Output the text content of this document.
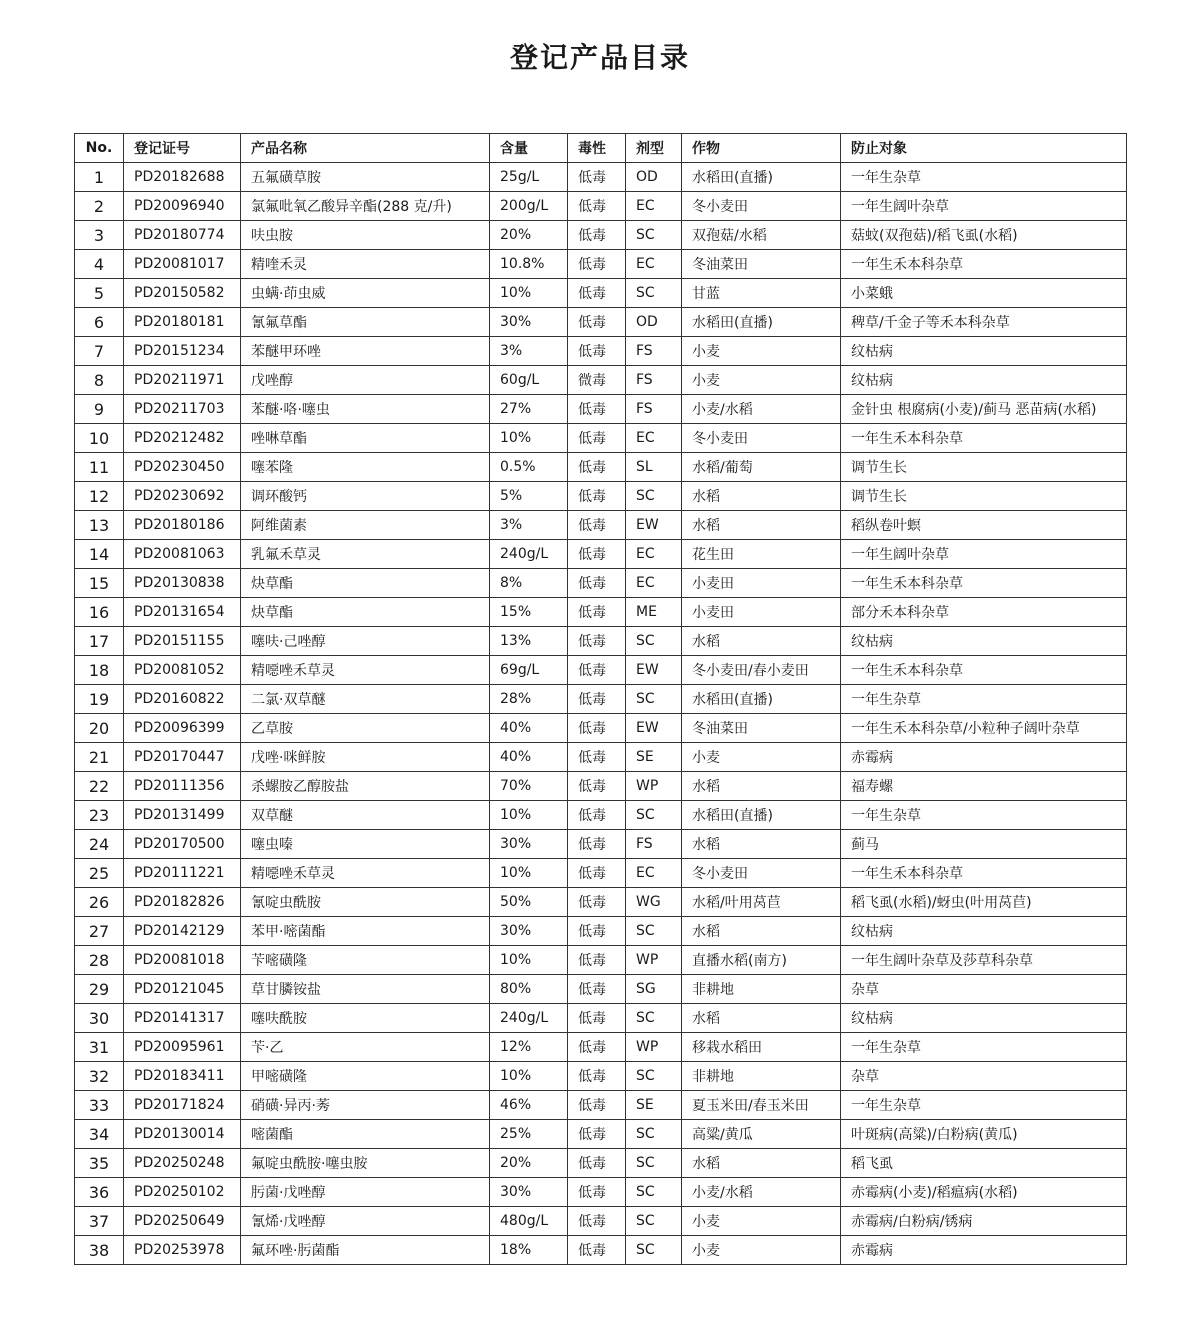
登记产品目录
No.	登记证号	产品名称	含量	毒性	剂型	作物	防止对象
1	PD20182688	五氟磺草胺	25g/L	低毒	OD	水稻田(直播)	一年生杂草
2	PD20096940	氯氟吡氧乙酸异辛酯(288 克/升)	200g/L	低毒	EC	冬小麦田	一年生阔叶杂草
3	PD20180774	呋虫胺	20%	低毒	SC	双孢菇/水稻	菇蚊(双孢菇)/稻飞虱(水稻)
4	PD20081017	精喹禾灵	10.8%	低毒	EC	冬油菜田	一年生禾本科杂草
5	PD20150582	虫螨·茚虫威	10%	低毒	SC	甘蓝	小菜蛾
6	PD20180181	氰氟草酯	30%	低毒	OD	水稻田(直播)	稗草/千金子等禾本科杂草
7	PD20151234	苯醚甲环唑	3%	低毒	FS	小麦	纹枯病
8	PD20211971	戊唑醇	60g/L	微毒	FS	小麦	纹枯病
9	PD20211703	苯醚·咯·噻虫	27%	低毒	FS	小麦/水稻	金针虫 根腐病(小麦)/蓟马 恶苗病(水稻)
10	PD20212482	唑啉草酯	10%	低毒	EC	冬小麦田	一年生禾本科杂草
11	PD20230450	噻苯隆	0.5%	低毒	SL	水稻/葡萄	调节生长
12	PD20230692	调环酸钙	5%	低毒	SC	水稻	调节生长
13	PD20180186	阿维菌素	3%	低毒	EW	水稻	稻纵卷叶螟
14	PD20081063	乳氟禾草灵	240g/L	低毒	EC	花生田	一年生阔叶杂草
15	PD20130838	炔草酯	8%	低毒	EC	小麦田	一年生禾本科杂草
16	PD20131654	炔草酯	15%	低毒	ME	小麦田	部分禾本科杂草
17	PD20151155	噻呋·己唑醇	13%	低毒	SC	水稻	纹枯病
18	PD20081052	精噁唑禾草灵	69g/L	低毒	EW	冬小麦田/春小麦田	一年生禾本科杂草
19	PD20160822	二氯·双草醚	28%	低毒	SC	水稻田(直播)	一年生杂草
20	PD20096399	乙草胺	40%	低毒	EW	冬油菜田	一年生禾本科杂草/小粒种子阔叶杂草
21	PD20170447	戊唑·咪鲜胺	40%	低毒	SE	小麦	赤霉病
22	PD20111356	杀螺胺乙醇胺盐	70%	低毒	WP	水稻	福寿螺
23	PD20131499	双草醚	10%	低毒	SC	水稻田(直播)	一年生杂草
24	PD20170500	噻虫嗪	30%	低毒	FS	水稻	蓟马
25	PD20111221	精噁唑禾草灵	10%	低毒	EC	冬小麦田	一年生禾本科杂草
26	PD20182826	氰啶虫酰胺	50%	低毒	WG	水稻/叶用莴苣	稻飞虱(水稻)/蚜虫(叶用莴苣)
27	PD20142129	苯甲·嘧菌酯	30%	低毒	SC	水稻	纹枯病
28	PD20081018	苄嘧磺隆	10%	低毒	WP	直播水稻(南方)	一年生阔叶杂草及莎草科杂草
29	PD20121045	草甘膦铵盐	80%	低毒	SG	非耕地	杂草
30	PD20141317	噻呋酰胺	240g/L	低毒	SC	水稻	纹枯病
31	PD20095961	苄·乙	12%	低毒	WP	移栽水稻田	一年生杂草
32	PD20183411	甲嘧磺隆	10%	低毒	SC	非耕地	杂草
33	PD20171824	硝磺·异丙·莠	46%	低毒	SE	夏玉米田/春玉米田	一年生杂草
34	PD20130014	嘧菌酯	25%	低毒	SC	高粱/黄瓜	叶斑病(高粱)/白粉病(黄瓜)
35	PD20250248	氟啶虫酰胺·噻虫胺	20%	低毒	SC	水稻	稻飞虱
36	PD20250102	肟菌·戊唑醇	30%	低毒	SC	小麦/水稻	赤霉病(小麦)/稻瘟病(水稻)
37	PD20250649	氰烯·戊唑醇	480g/L	低毒	SC	小麦	赤霉病/白粉病/锈病
38	PD20253978	氟环唑·肟菌酯	18%	低毒	SC	小麦	赤霉病
